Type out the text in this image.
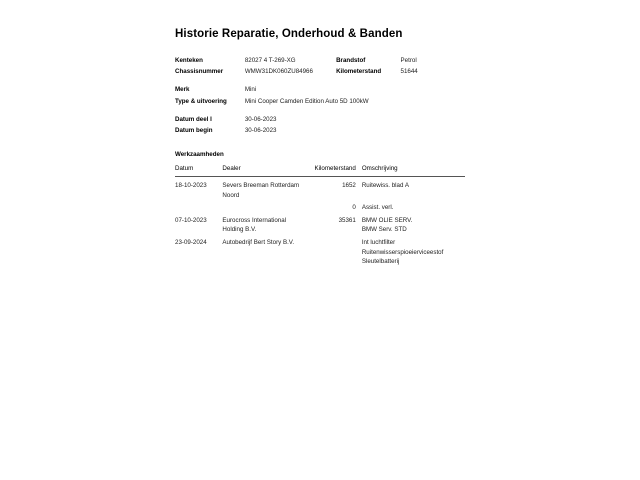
Historie Reparatie, Onderhoud & Banden
Kenteken	82027 4 T-269-XG	Brandstof	Petrol
Chassisnummer	WMW31DK060ZU84966	Kilometerstand	51644

Merk	Mini		
Type & uitvoering	Mini Cooper Camden Edition Auto 5D 100kW		

Datum deel I	30-06-2023		
Datum begin	30-06-2023		
Werkzaamheden
Datum	Dealer	Kilometerstand	Omschrijving
18-10-2023	Severs Breeman Rotterdam Noord	1652	Ruitewiss. blad A

		0	Assist. verl.

07-10-2023	Eurocross International Holding B.V.	35361	BMW OLIE SERV.
BMW Serv. STD

23-09-2024	Autobedrijf Bert Story B.V.		Int luchtfilter
Ruitenwisserspioeierviceestof
Sleutelbatterij
